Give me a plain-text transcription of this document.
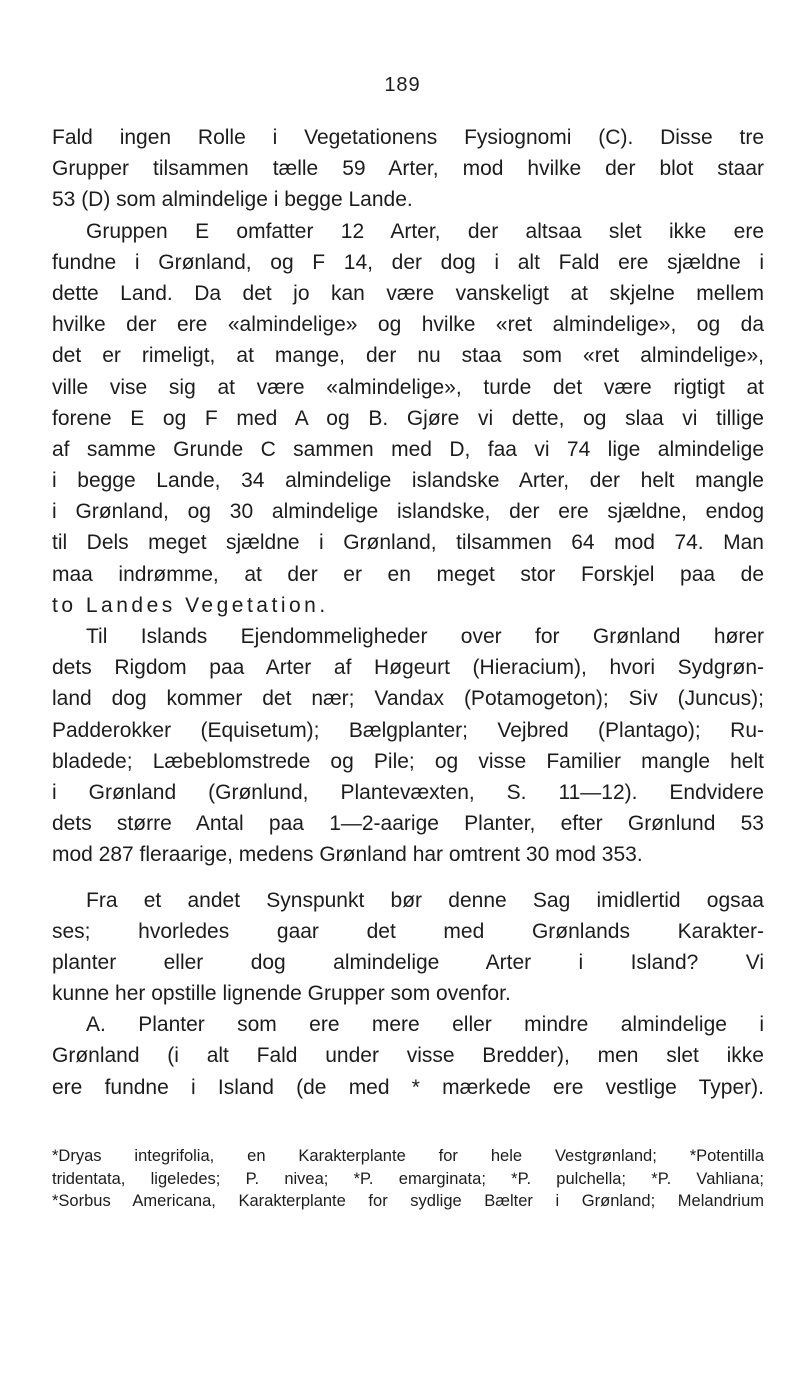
189
Fald ingen Rolle i Vegetationens Fysiognomi (C). Disse tre
Grupper tilsammen tælle 59 Arter, mod hvilke der blot staar
53 (D) som almindelige i begge Lande.
Gruppen E omfatter 12 Arter, der altsaa slet ikke ere
fundne i Grønland, og F 14, der dog i alt Fald ere sjældne i
dette Land. Da det jo kan være vanskeligt at skjelne mellem
hvilke der ere «almindelige» og hvilke «ret almindelige», og da
det er rimeligt, at mange, der nu staa som «ret almindelige»,
ville vise sig at være «almindelige», turde det være rigtigt at
forene E og F med A og B. Gjøre vi dette, og slaa vi tillige
af samme Grunde C sammen med D, faa vi 74 lige almindelige
i begge Lande, 34 almindelige islandske Arter, der helt mangle
i Grønland, og 30 almindelige islandske, der ere sjældne, endog
til Dels meget sjældne i Grønland, tilsammen 64 mod 74. Man
maa indrømme, at der er en meget stor Forskjel paa de
to Landes Vegetation.
Til Islands Ejendommeligheder over for Grønland hører
dets Rigdom paa Arter af Høgeurt (Hieracium), hvori Sydgrøn-
land dog kommer det nær; Vandax (Potamogeton); Siv (Juncus);
Padderokker (Equisetum); Bælgplanter; Vejbred (Plantago); Ru-
bladede; Læbeblomstrede og Pile; og visse Familier mangle helt
i Grønland (Grønlund, Plantevæxten, S. 11—12). Endvidere
dets større Antal paa 1—2-aarige Planter, efter Grønlund 53
mod 287 fleraarige, medens Grønland har omtrent 30 mod 353.
Fra et andet Synspunkt bør denne Sag imidlertid ogsaa
ses; hvorledes gaar det med Grønlands Karakter-
planter eller dog almindelige Arter i Island? Vi
kunne her opstille lignende Grupper som ovenfor.
A. Planter som ere mere eller mindre almindelige i
Grønland (i alt Fald under visse Bredder), men slet ikke
ere fundne i Island (de med * mærkede ere vestlige Typer).
*Dryas integrifolia, en Karakterplante for hele Vestgrønland; *Potentilla
tridentata, ligeledes; P. nivea; *P. emarginata; *P. pulchella; *P. Vahliana;
*Sorbus Americana, Karakterplante for sydlige Bælter i Grønland; Melandrium
